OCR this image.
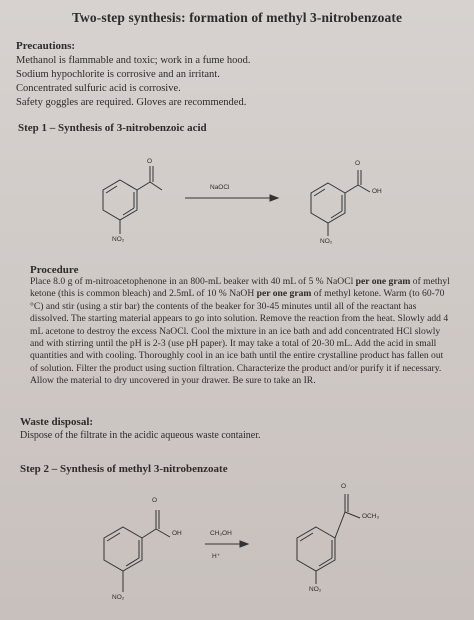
Two-step synthesis: formation of methyl 3-nitrobenzoate
Precautions:
Methanol is flammable and toxic; work in a fume hood.
Sodium hypochlorite is corrosive and an irritant.
Concentrated sulfuric acid is corrosive.
Safety goggles are required. Gloves are recommended.
Step 1 – Synthesis of 3-nitrobenzoic acid
O
NO₂
NaOCl
O
OH
NO₂
Procedure
Place 8.0 g of m-nitroacetophenone in an 800-mL beaker with 40 mL of 5 % NaOCl per one gram of methyl ketone (this is common bleach) and 2.5mL of 10 % NaOH per one gram of methyl ketone. Warm (to 60-70 °C) and stir (using a stir bar) the contents of the beaker for 30-45 minutes until all of the reactant has dissolved. The starting material appears to go into solution. Remove the reaction from the heat. Slowly add 4 mL acetone to destroy the excess NaOCl. Cool the mixture in an ice bath and add concentrated HCl slowly and with stirring until the pH is 2-3 (use pH paper). It may take a total of 20-30 mL. Add the acid in small quantities and with cooling. Thoroughly cool in an ice bath until the entire crystalline product has fallen out of solution. Filter the product using suction filtration. Characterize the product and/or purify it if necessary. Allow the material to dry uncovered in your drawer. Be sure to take an IR.
Waste disposal:
Dispose of the filtrate in the acidic aqueous waste container.
Step 2 – Synthesis of methyl 3-nitrobenzoate
O
OH
NO₂
CH₃OH
H⁺
O
OCH₃
NO₂
